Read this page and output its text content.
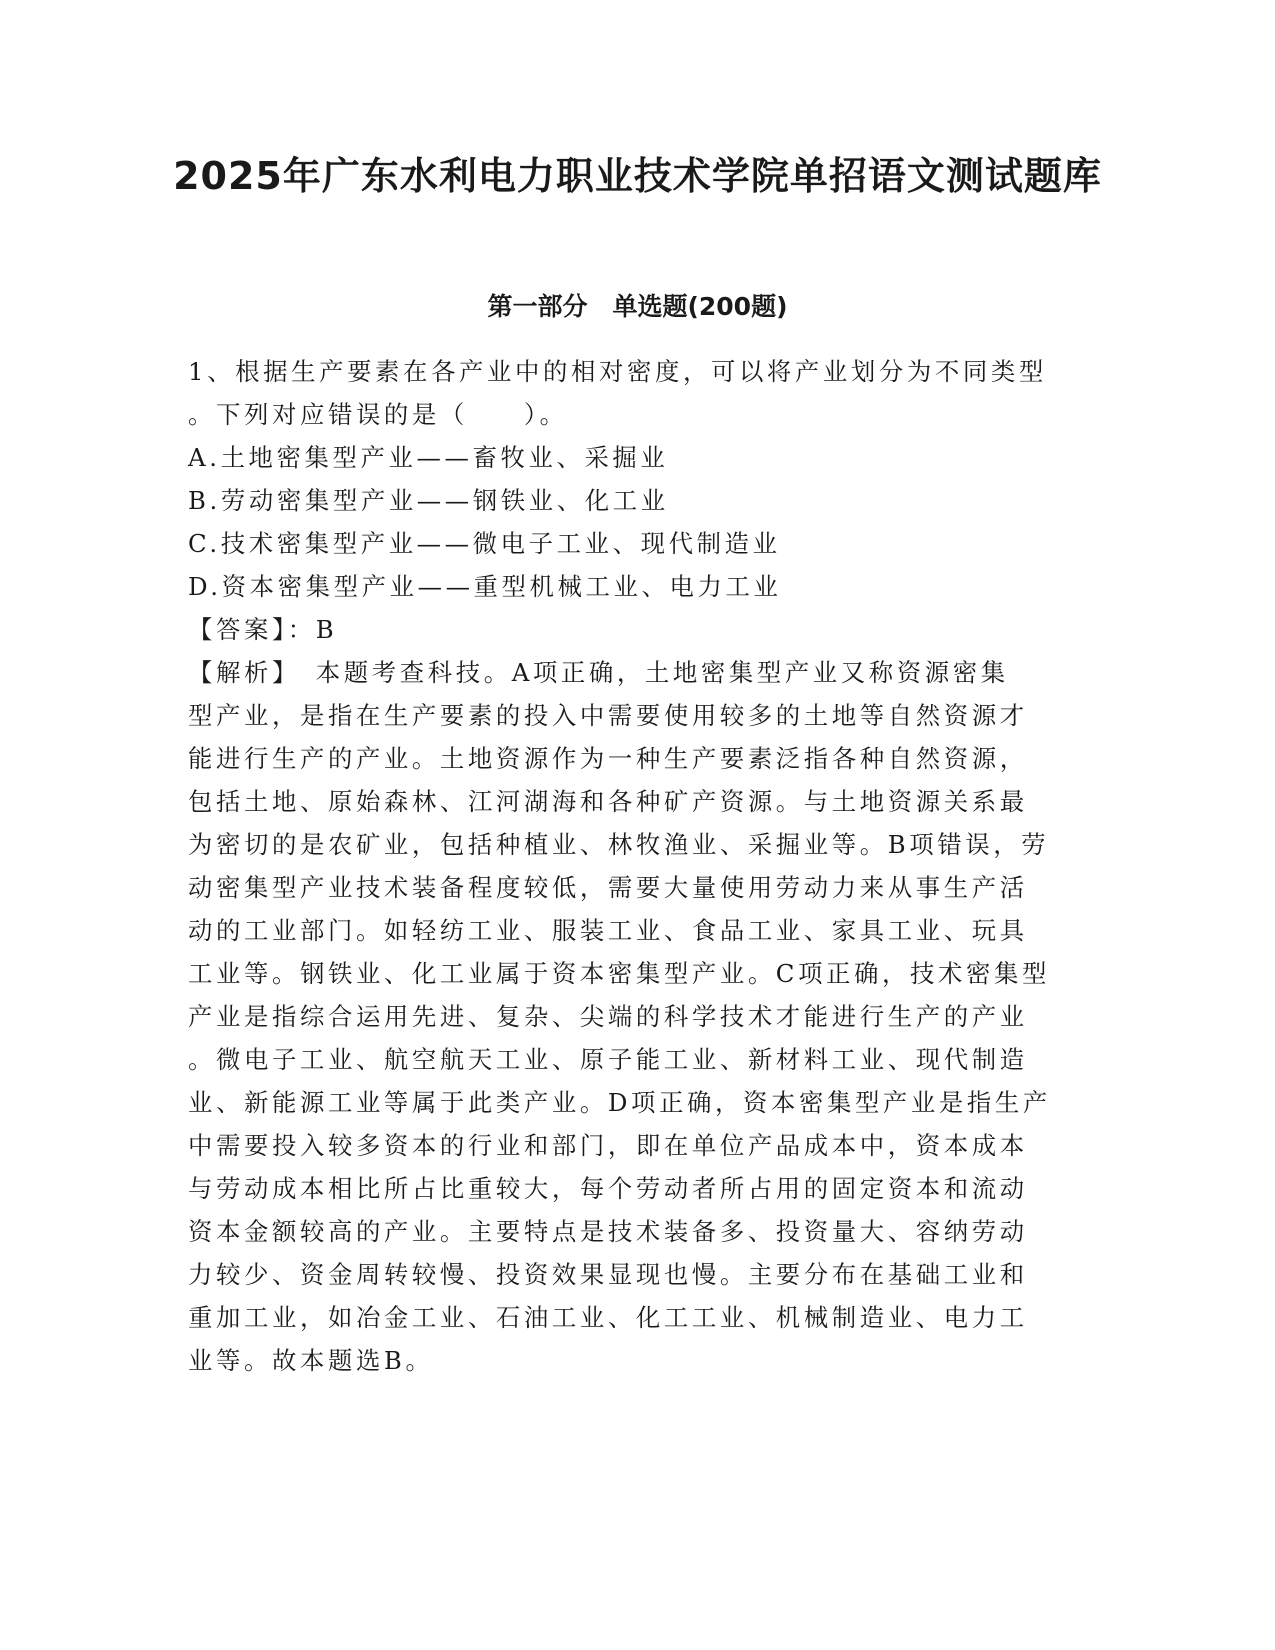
2025年广东水利电力职业技术学院单招语文测试题库
第一部分　单选题(200题)
1、根据生产要素在各产业中的相对密度，可以将产业划分为不同类型
。下列对应错误的是（　　）。
A.土地密集型产业——畜牧业、采掘业
B.劳动密集型产业——钢铁业、化工业
C.技术密集型产业——微电子工业、现代制造业
D.资本密集型产业——重型机械工业、电力工业
【答案】：B
【解析】　本题考查科技。A项正确，土地密集型产业又称资源密集
型产业，是指在生产要素的投入中需要使用较多的土地等自然资源才
能进行生产的产业。土地资源作为一种生产要素泛指各种自然资源，
包括土地、原始森林、江河湖海和各种矿产资源。与土地资源关系最
为密切的是农矿业，包括种植业、林牧渔业、采掘业等。B项错误，劳
动密集型产业技术装备程度较低，需要大量使用劳动力来从事生产活
动的工业部门。如轻纺工业、服装工业、食品工业、家具工业、玩具
工业等。钢铁业、化工业属于资本密集型产业。C项正确，技术密集型
产业是指综合运用先进、复杂、尖端的科学技术才能进行生产的产业
。微电子工业、航空航天工业、原子能工业、新材料工业、现代制造
业、新能源工业等属于此类产业。D项正确，资本密集型产业是指生产
中需要投入较多资本的行业和部门，即在单位产品成本中，资本成本
与劳动成本相比所占比重较大，每个劳动者所占用的固定资本和流动
资本金额较高的产业。主要特点是技术装备多、投资量大、容纳劳动
力较少、资金周转较慢、投资效果显现也慢。主要分布在基础工业和
重加工业，如冶金工业、石油工业、化工工业、机械制造业、电力工
业等。故本题选B。
